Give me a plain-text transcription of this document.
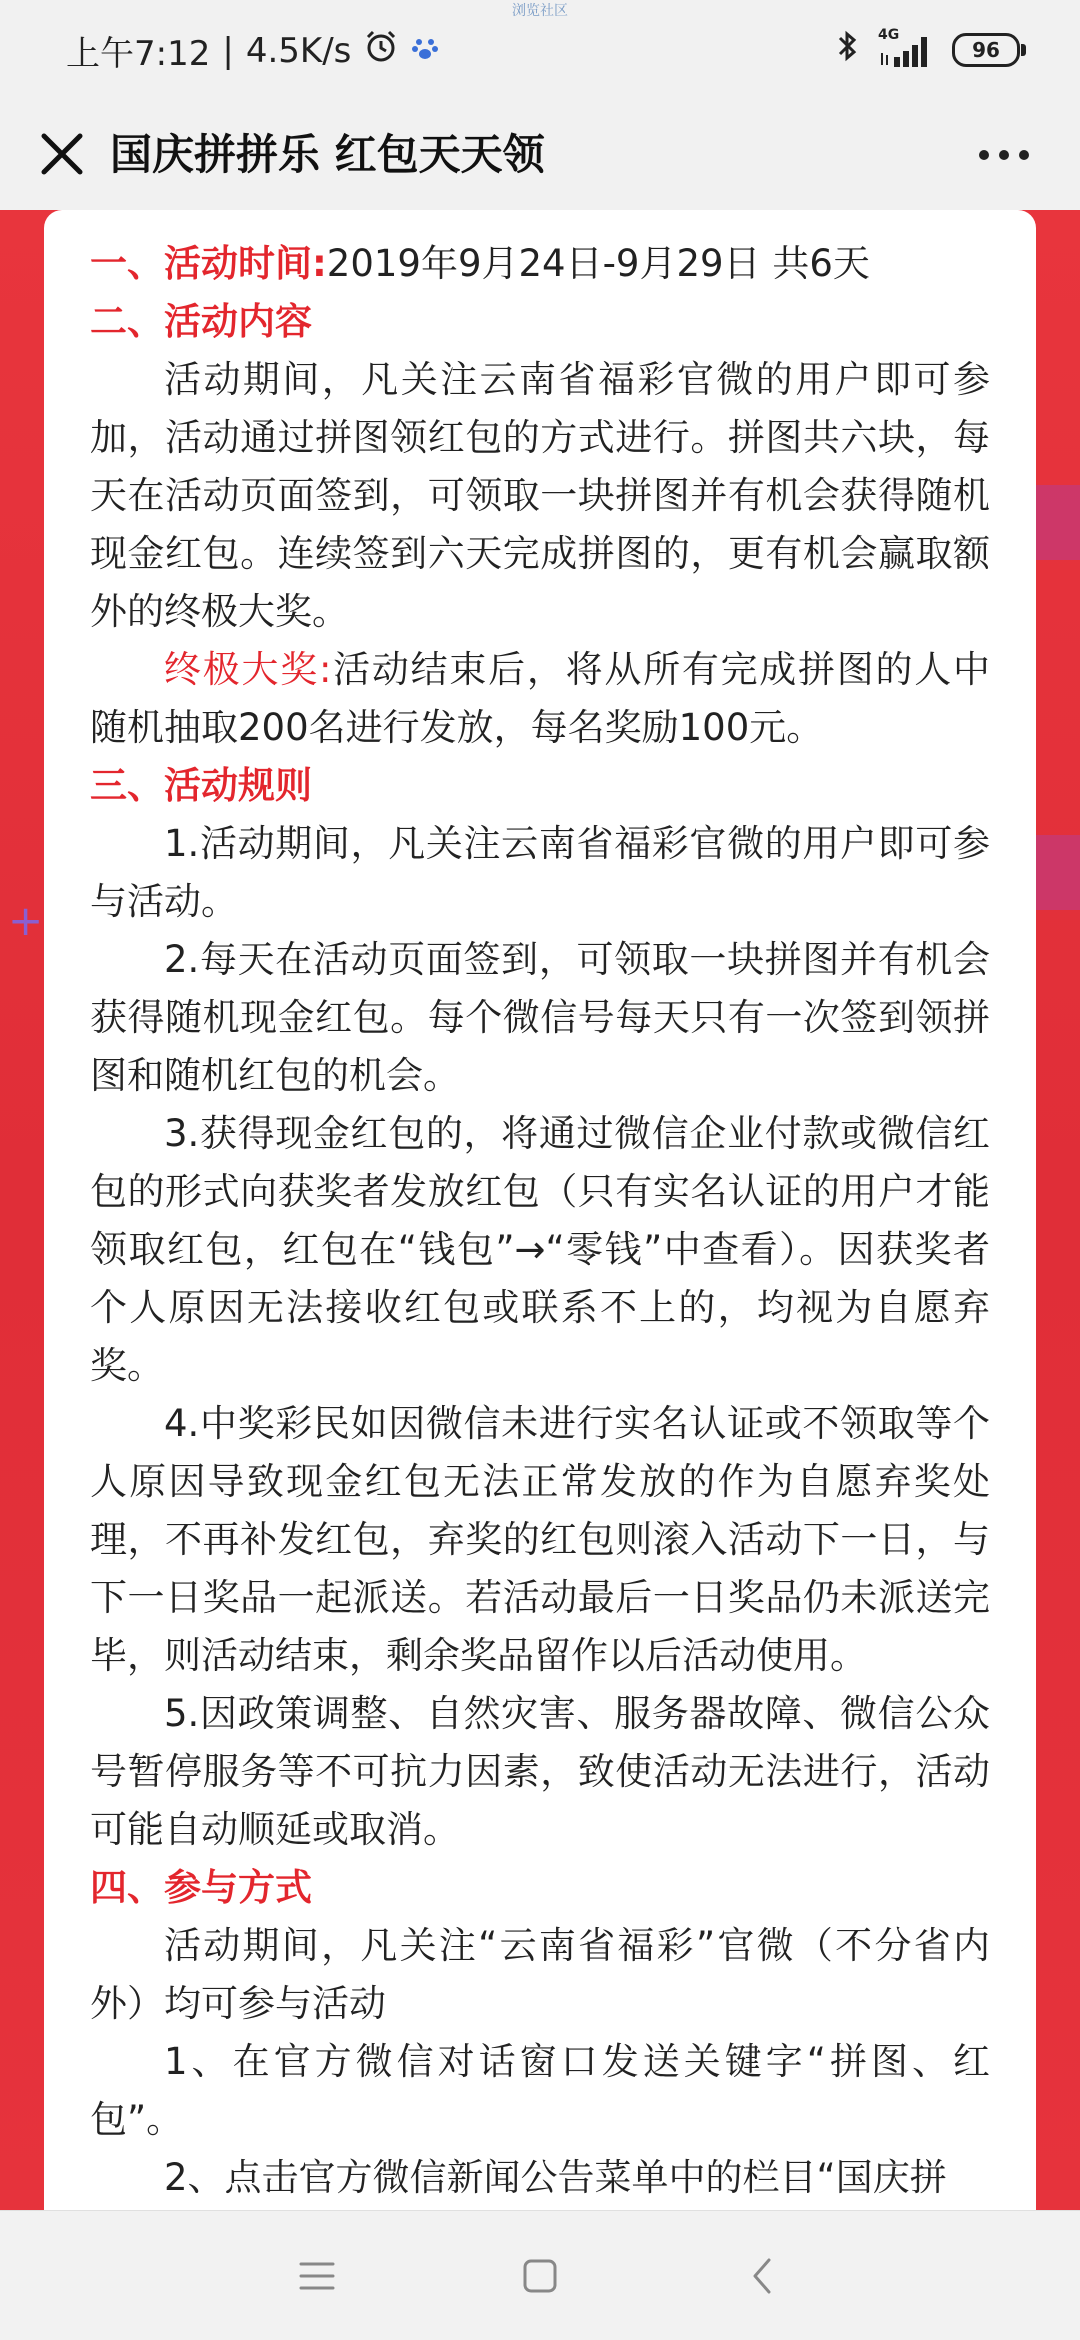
浏览社区
上午7:12 | 4.5K/s	4G
96
国庆拼拼乐 红包天天领
+

一、活动时间:2019年9月24日-9月29日 共6天

二、活动内容

活动期间，凡关注云南省福彩官微的用户即可参加，活动通过拼图领红包的方式进行。拼图共六块，每天在活动页面签到，可领取一块拼图并有机会获得随机现金红包。连续签到六天完成拼图的，更有机会赢取额外的终极大奖。

终极大奖:活动结束后，将从所有完成拼图的人中随机抽取200名进行发放，每名奖励100元。

三、活动规则

1.活动期间，凡关注云南省福彩官微的用户即可参与活动。

2.每天在活动页面签到，可领取一块拼图并有机会获得随机现金红包。每个微信号每天只有一次签到领拼图和随机红包的机会。

3.获得现金红包的，将通过微信企业付款或微信红包的形式向获奖者发放红包（只有实名认证的用户才能领取红包，红包在“钱包”→“零钱”中查看）。因获奖者个人原因无法接收红包或联系不上的，均视为自愿弃奖。

4.中奖彩民如因微信未进行实名认证或不领取等个人原因导致现金红包无法正常发放的作为自愿弃奖处理，不再补发红包，弃奖的红包则滚入活动下一日，与下一日奖品一起派送。若活动最后一日奖品仍未派送完毕，则活动结束，剩余奖品留作以后活动使用。

5.因政策调整、自然灾害、服务器故障、微信公众号暂停服务等不可抗力因素，致使活动无法进行，活动可能自动顺延或取消。

四、参与方式

活动期间，凡关注“云南省福彩”官微（不分省内外）均可参与活动

1、在官方微信对话窗口发送关键字“拼图、红包”。

2、点击官方微信新闻公告菜单中的栏目“国庆拼
